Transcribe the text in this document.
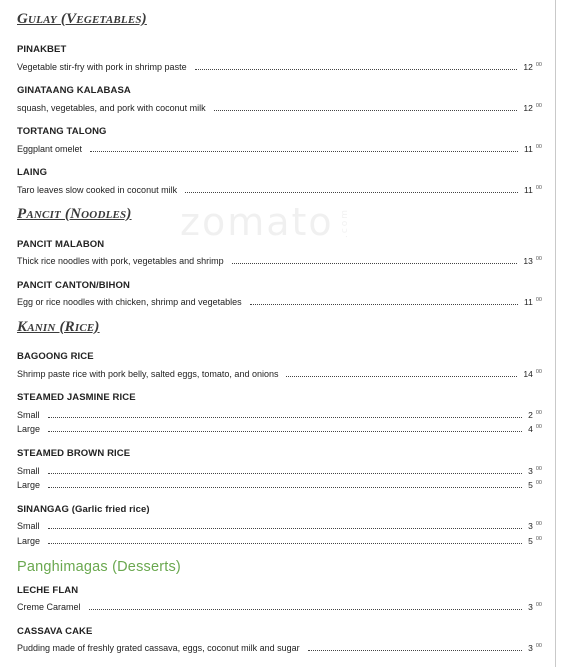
zomato .com
Gulay (Vegetables)
PINAKBET
Vegetable stir-fry with pork in shrimp paste	12 $^{00}$
GINATAANG KALABASA
squash, vegetables, and pork with coconut milk	12 $^{00}$
TORTANG TALONG
Eggplant omelet	11 $^{00}$
LAING
Taro leaves slow cooked in coconut milk	11 $^{00}$
Pancit (Noodles)
PANCIT MALABON
Thick rice noodles with pork, vegetables and shrimp	13 $^{00}$
PANCIT CANTON/BIHON
Egg or rice noodles with chicken, shrimp and vegetables	11 $^{00}$
Kanin (Rice)
BAGOONG RICE
Shrimp paste rice with pork belly, salted eggs, tomato, and onions	14 $^{00}$
STEAMED JASMINE RICE
Small	2 $^{00}$
Large	4 $^{00}$
STEAMED BROWN RICE
Small	3 $^{00}$
Large	5 $^{00}$
SINANGAG (Garlic fried rice)
Small	3 $^{00}$
Large	5 $^{00}$
Panghimagas (Desserts)
LECHE FLAN
Creme Caramel	3 $^{00}$
CASSAVA CAKE
Pudding made of freshly grated cassava, eggs, coconut milk and sugar	3 $^{00}$
